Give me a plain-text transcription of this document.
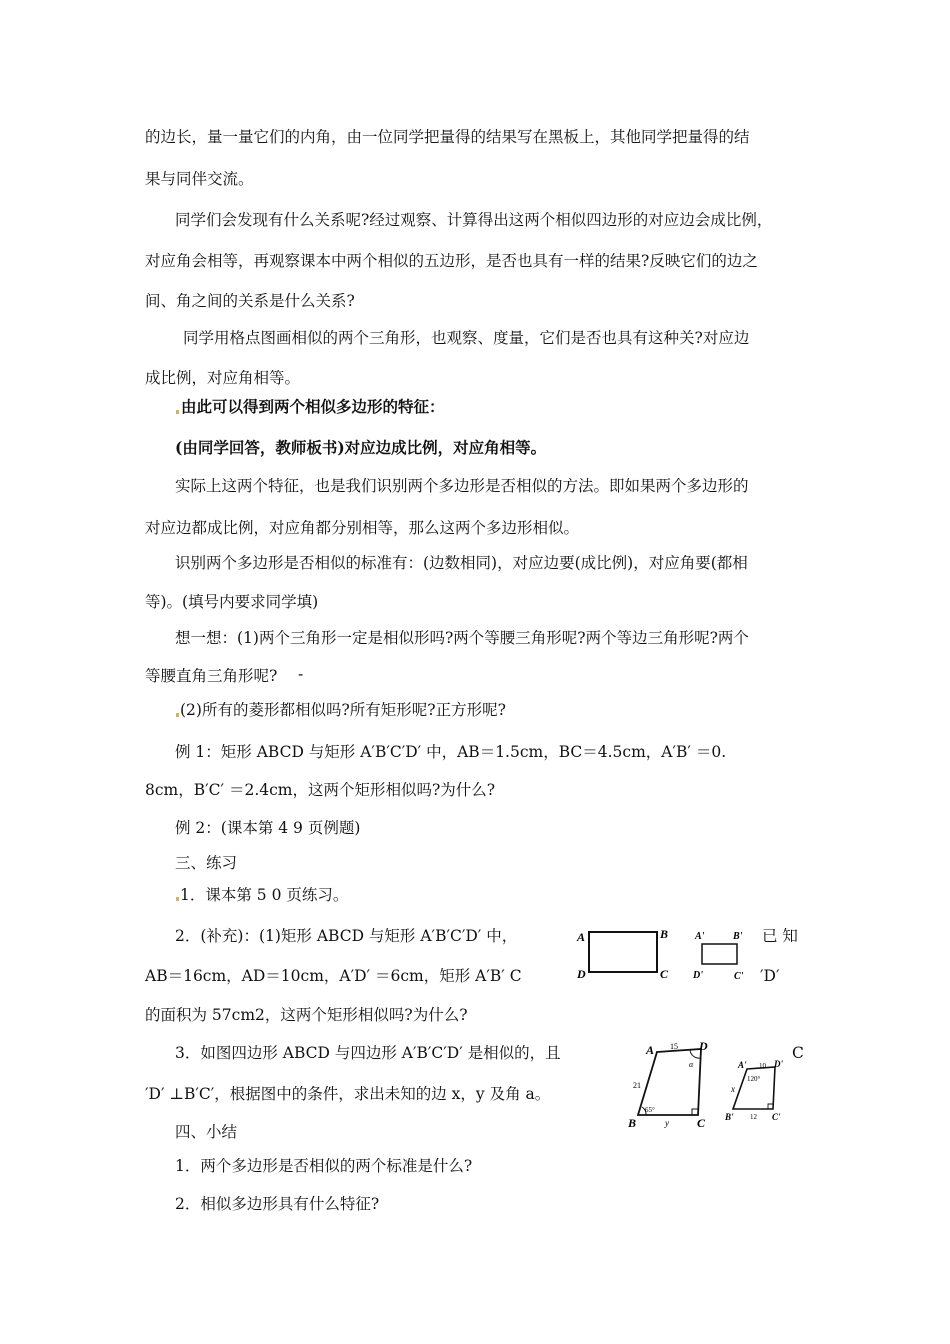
的边长，量一量它们的内角，由一位同学把量得的结果写在黑板上，其他同学把量得的结
果与同伴交流。
同学们会发现有什么关系呢?经过观察、计算得出这两个相似四边形的对应边会成比例，
对应角会相等，再观察课本中两个相似的五边形，是否也具有一样的结果?反映它们的边之
间、角之间的关系是什么关系?
同学用格点图画相似的两个三角形，也观察、度量，它们是否也具有这种关?对应边
成比例，对应角相等。
由此可以得到两个相似多边形的特征：
(由同学回答，教师板书)对应边成比例，对应角相等。
实际上这两个特征，也是我们识别两个多边形是否相似的方法。即如果两个多边形的
对应边都成比例，对应角都分别相等，那么这两个多边形相似。
识别两个多边形是否相似的标准有：(边数相同)，对应边要(成比例)，对应角要(都相
等)。(填号内要求同学填)
想一想：(1)两个三角形一定是相似形吗?两个等腰三角形呢?两个等边三角形呢?两个
等腰直角三角形呢? -
(2)所有的菱形都相似吗?所有矩形呢?正方形呢?
例 1：矩形 ABCD 与矩形 A′B′C′D′ 中，AB＝1.5cm，BC＝4.5cm，A′B′ ＝0.
8cm，B′C′ ＝2.4cm，这两个矩形相似吗?为什么?
例 2：(课本第 4 9 页例题)
三、练习
1．课本第 5 0 页练习。
2．(补充)：(1)矩形 ABCD 与矩形 A′B′C′D′ 中，	已 知
AB＝16cm，AD＝10cm，A′D′ ＝6cm，矩形 A′B′ C	′D′
的面积为 57cm2，这两个矩形相似吗?为什么?
3．如图四边形 ABCD 与四边形 A′B′C′D′ 是相似的，且	C
′D′ ⊥B′C′，根据图中的条件，求出未知的边 x，y 及角 a。
四、小结
1．两个多边形是否相似的两个标准是什么?
2．相似多边形具有什么特征?
A	B
C
D
A'	B'
C'
D'
A	D
B	C
15
21
65°
y
α	A'	D'
B'	C'
10
120°
x
12
